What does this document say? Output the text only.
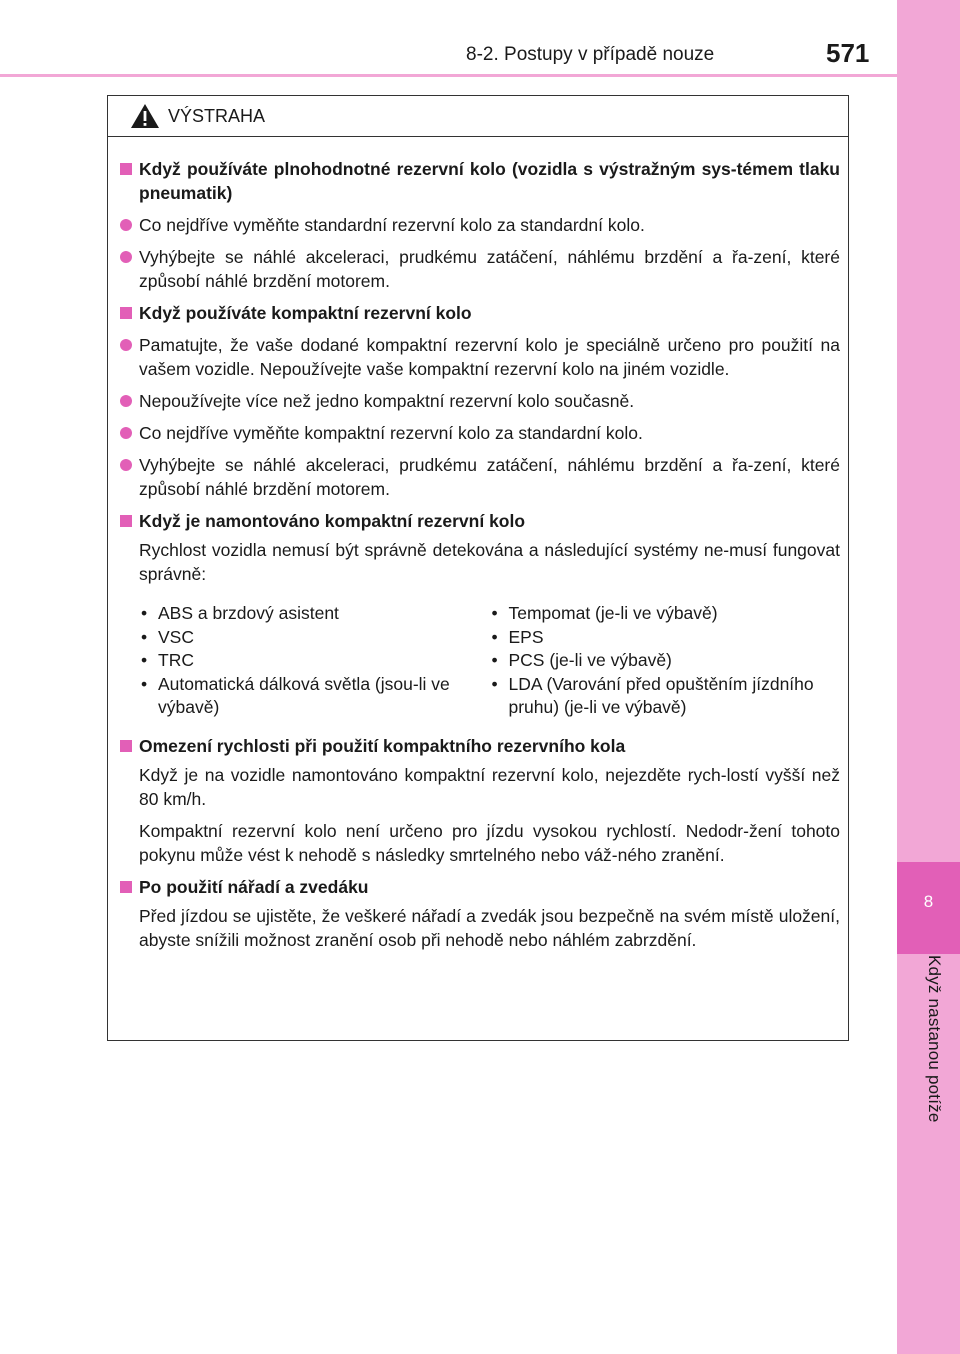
8
Když nastanou potíže
8-2. Postupy v případě nouze	571
VÝSTRAHA
Když používáte plnohodnotné rezervní kolo (vozidla s výstražným sys-témem tlaku pneumatik)
Co nejdříve vyměňte standardní rezervní kolo za standardní kolo.
Vyhýbejte se náhlé akceleraci, prudkému zatáčení, náhlému brzdění a řa-zení, které způsobí náhlé brzdění motorem.
Když používáte kompaktní rezervní kolo
Pamatujte, že vaše dodané kompaktní rezervní kolo je speciálně určeno pro použití na vašem vozidle. Nepoužívejte vaše kompaktní rezervní kolo na jiném vozidle.
Nepoužívejte více než jedno kompaktní rezervní kolo současně.
Co nejdříve vyměňte kompaktní rezervní kolo za standardní kolo.
Vyhýbejte se náhlé akceleraci, prudkému zatáčení, náhlému brzdění a řa-zení, které způsobí náhlé brzdění motorem.
Když je namontováno kompaktní rezervní kolo
Rychlost vozidla nemusí být správně detekována a následující systémy ne-musí fungovat správně:
• ABS a brzdový asistent
• VSC
• TRC
• Automatická dálková světla (jsou-li ve výbavě)
• Tempomat (je-li ve výbavě)
• EPS
• PCS (je-li ve výbavě)
• LDA (Varování před opuštěním jízdního pruhu) (je-li ve výbavě)
Omezení rychlosti při použití kompaktního rezervního kola
Když je na vozidle namontováno kompaktní rezervní kolo, nejezděte rych-lostí vyšší než 80 km/h.
Kompaktní rezervní kolo není určeno pro jízdu vysokou rychlostí. Nedodr-žení tohoto pokynu může vést k nehodě s následky smrtelného nebo váž-ného zranění.
Po použití nářadí a zvedáku
Před jízdou se ujistěte, že veškeré nářadí a zvedák jsou bezpečně na svém místě uložení, abyste snížili možnost zranění osob při nehodě nebo náhlém zabrzdění.
